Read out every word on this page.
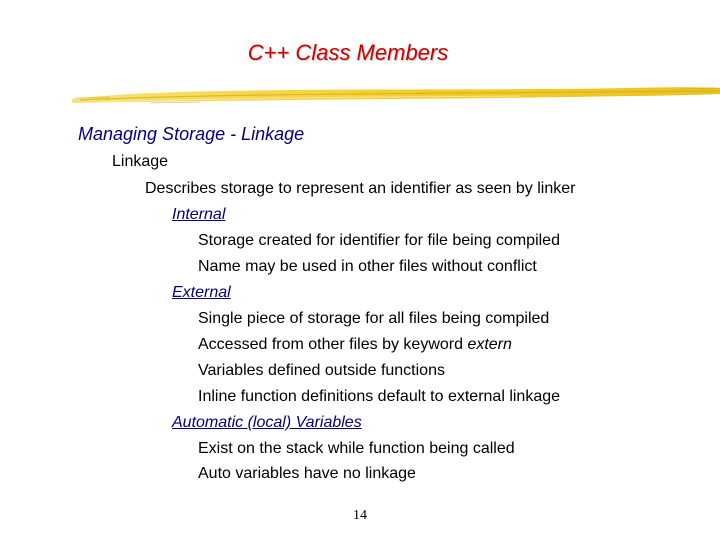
C++ Class Members
Managing Storage - Linkage
Linkage
Describes storage to represent an identifier as seen by linker
Internal
Storage created for identifier for file being compiled
Name may be used in other files without conflict
External
Single piece of storage for all files being compiled
Accessed from other files by keyword extern
Variables defined outside functions
Inline function definitions default to external linkage
Automatic (local) Variables
Exist on the stack while function being called
Auto variables have no linkage
14
